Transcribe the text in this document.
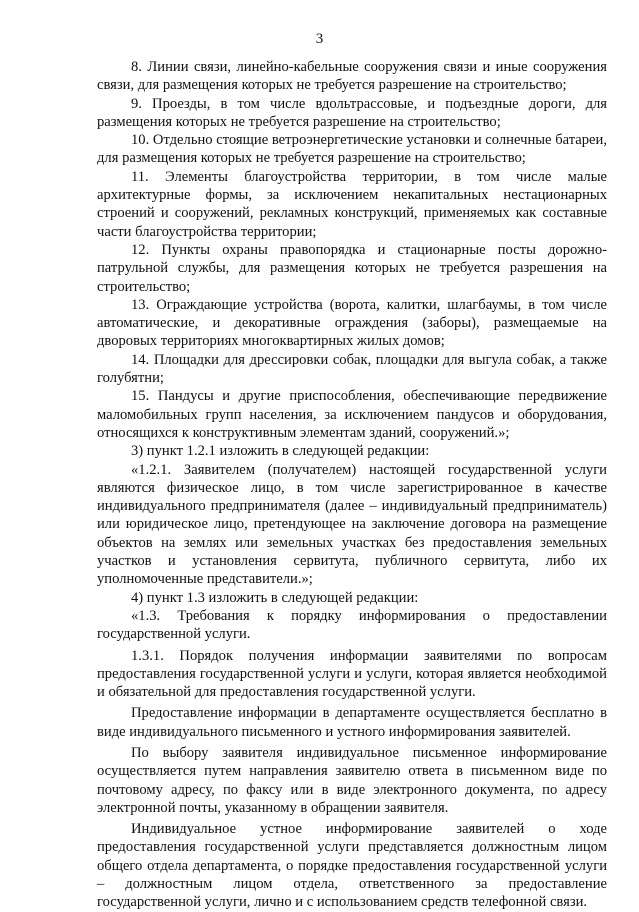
3

8. Линии связи, линейно-кабельные сооружения связи и иные сооружения связи, для размещения которых не требуется разрешение на строительство;

9. Проезды, в том числе вдольтрассовые, и подъездные дороги, для размещения которых не требуется разрешение на строительство;

10. Отдельно стоящие ветроэнергетические установки и солнечные батареи, для размещения которых не требуется разрешение на строительство;

11. Элементы благоустройства территории, в том числе малые архитектурные формы, за исключением некапитальных нестационарных строений и сооружений, рекламных конструкций, применяемых как составные части благоустройства территории;

12. Пункты охраны правопорядка и стационарные посты дорожно-патрульной службы, для размещения которых не требуется разрешения на строительство;

13. Ограждающие устройства (ворота, калитки, шлагбаумы, в том числе автоматические, и декоративные ограждения (заборы), размещаемые на дворовых территориях многоквартирных жилых домов;

14. Площадки для дрессировки собак, площадки для выгула собак, а также голубятни;

15. Пандусы и другие приспособления, обеспечивающие передвижение маломобильных групп населения, за исключением пандусов и оборудования, относящихся к конструктивным элементам зданий, сооружений.»;

3) пункт 1.2.1 изложить в следующей редакции:

«1.2.1. Заявителем (получателем) настоящей государственной услуги являются физическое лицо, в том числе зарегистрированное в качестве индивидуального предпринимателя (далее – индивидуальный предприниматель) или юридическое лицо, претендующее на заключение договора на размещение объектов на землях или земельных участках без предоставления земельных участков и установления сервитута, публичного сервитута, либо их уполномоченные представители.»;

4) пункт 1.3 изложить в следующей редакции:

«1.3. Требования к порядку информирования о предоставлении государственной услуги.

1.3.1. Порядок получения информации заявителями по вопросам предоставления государственной услуги и услуги, которая является необходимой и обязательной для предоставления государственной услуги.

Предоставление информации в департаменте осуществляется бесплатно в виде индивидуального письменного и устного информирования заявителей.

По выбору заявителя индивидуальное письменное информирование осуществляется путем направления заявителю ответа в письменном виде по почтовому адресу, по факсу или в виде электронного документа, по адресу электронной почты, указанному в обращении заявителя.

Индивидуальное устное информирование заявителей о ходе предоставления государственной услуги представляется должностным лицом общего отдела департамента, о порядке предоставления государственной услуги – должностным лицом отдела, ответственного за предоставление государственной услуги, лично и с использованием средств телефонной связи.
